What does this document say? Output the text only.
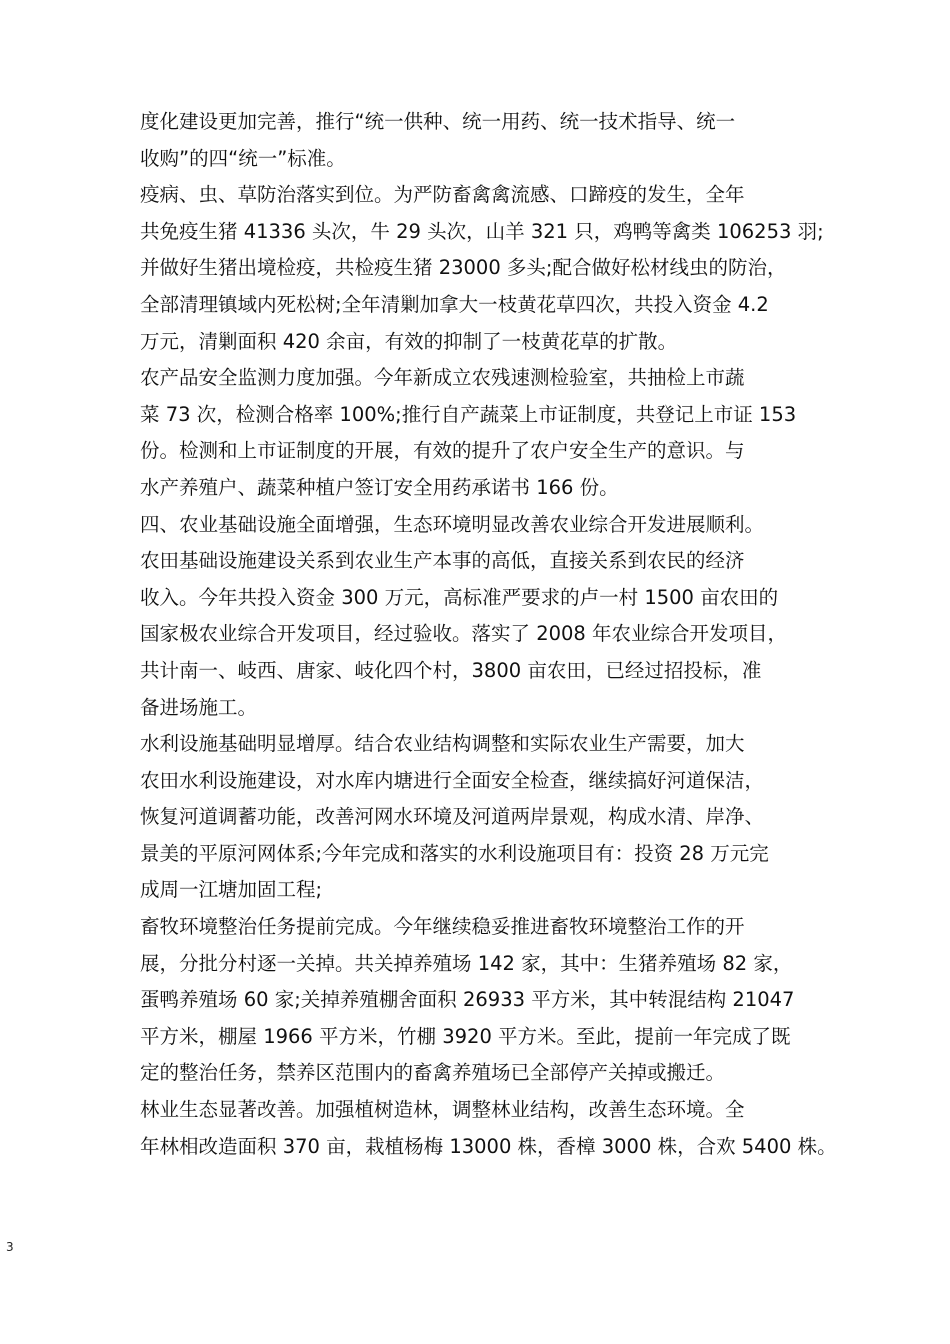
度化建设更加完善，推行“统一供种、统一用药、统一技术指导、统一
收购”的四“统一”标准。
疫病、虫、草防治落实到位。为严防畜禽禽流感、口蹄疫的发生，全年
共免疫生猪 41336 头次，牛 29 头次，山羊 321 只，鸡鸭等禽类 106253 羽;
并做好生猪出境检疫，共检疫生猪 23000 多头;配合做好松材线虫的防治，
全部清理镇域内死松树;全年清剿加拿大一枝黄花草四次，共投入资金 4.2
万元，清剿面积 420 余亩，有效的抑制了一枝黄花草的扩散。
农产品安全监测力度加强。今年新成立农残速测检验室，共抽检上市蔬
菜 73 次，检测合格率 100%;推行自产蔬菜上市证制度，共登记上市证 153
份。检测和上市证制度的开展，有效的提升了农户安全生产的意识。与
水产养殖户、蔬菜种植户签订安全用药承诺书 166 份。
四、农业基础设施全面增强，生态环境明显改善农业综合开发进展顺利。
农田基础设施建设关系到农业生产本事的高低，直接关系到农民的经济
收入。今年共投入资金 300 万元，高标准严要求的卢一村 1500 亩农田的
国家极农业综合开发项目，经过验收。落实了 2008 年农业综合开发项目，
共计南一、岐西、唐家、岐化四个村，3800 亩农田，已经过招投标，准
备进场施工。
水利设施基础明显增厚。结合农业结构调整和实际农业生产需要，加大
农田水利设施建设，对水库内塘进行全面安全检查，继续搞好河道保洁，
恢复河道调蓄功能，改善河网水环境及河道两岸景观，构成水清、岸净、
景美的平原河网体系;今年完成和落实的水利设施项目有：投资 28 万元完
成周一江塘加固工程;
畜牧环境整治任务提前完成。今年继续稳妥推进畜牧环境整治工作的开
展，分批分村逐一关掉。共关掉养殖场 142 家，其中：生猪养殖场 82 家，
蛋鸭养殖场 60 家;关掉养殖棚舍面积 26933 平方米，其中转混结构 21047
平方米，棚屋 1966 平方米，竹棚 3920 平方米。至此，提前一年完成了既
定的整治任务，禁养区范围内的畜禽养殖场已全部停产关掉或搬迁。
林业生态显著改善。加强植树造林，调整林业结构，改善生态环境。全
年林相改造面积 370 亩，栽植杨梅 13000 株，香樟 3000 株，合欢 5400 株。
3
